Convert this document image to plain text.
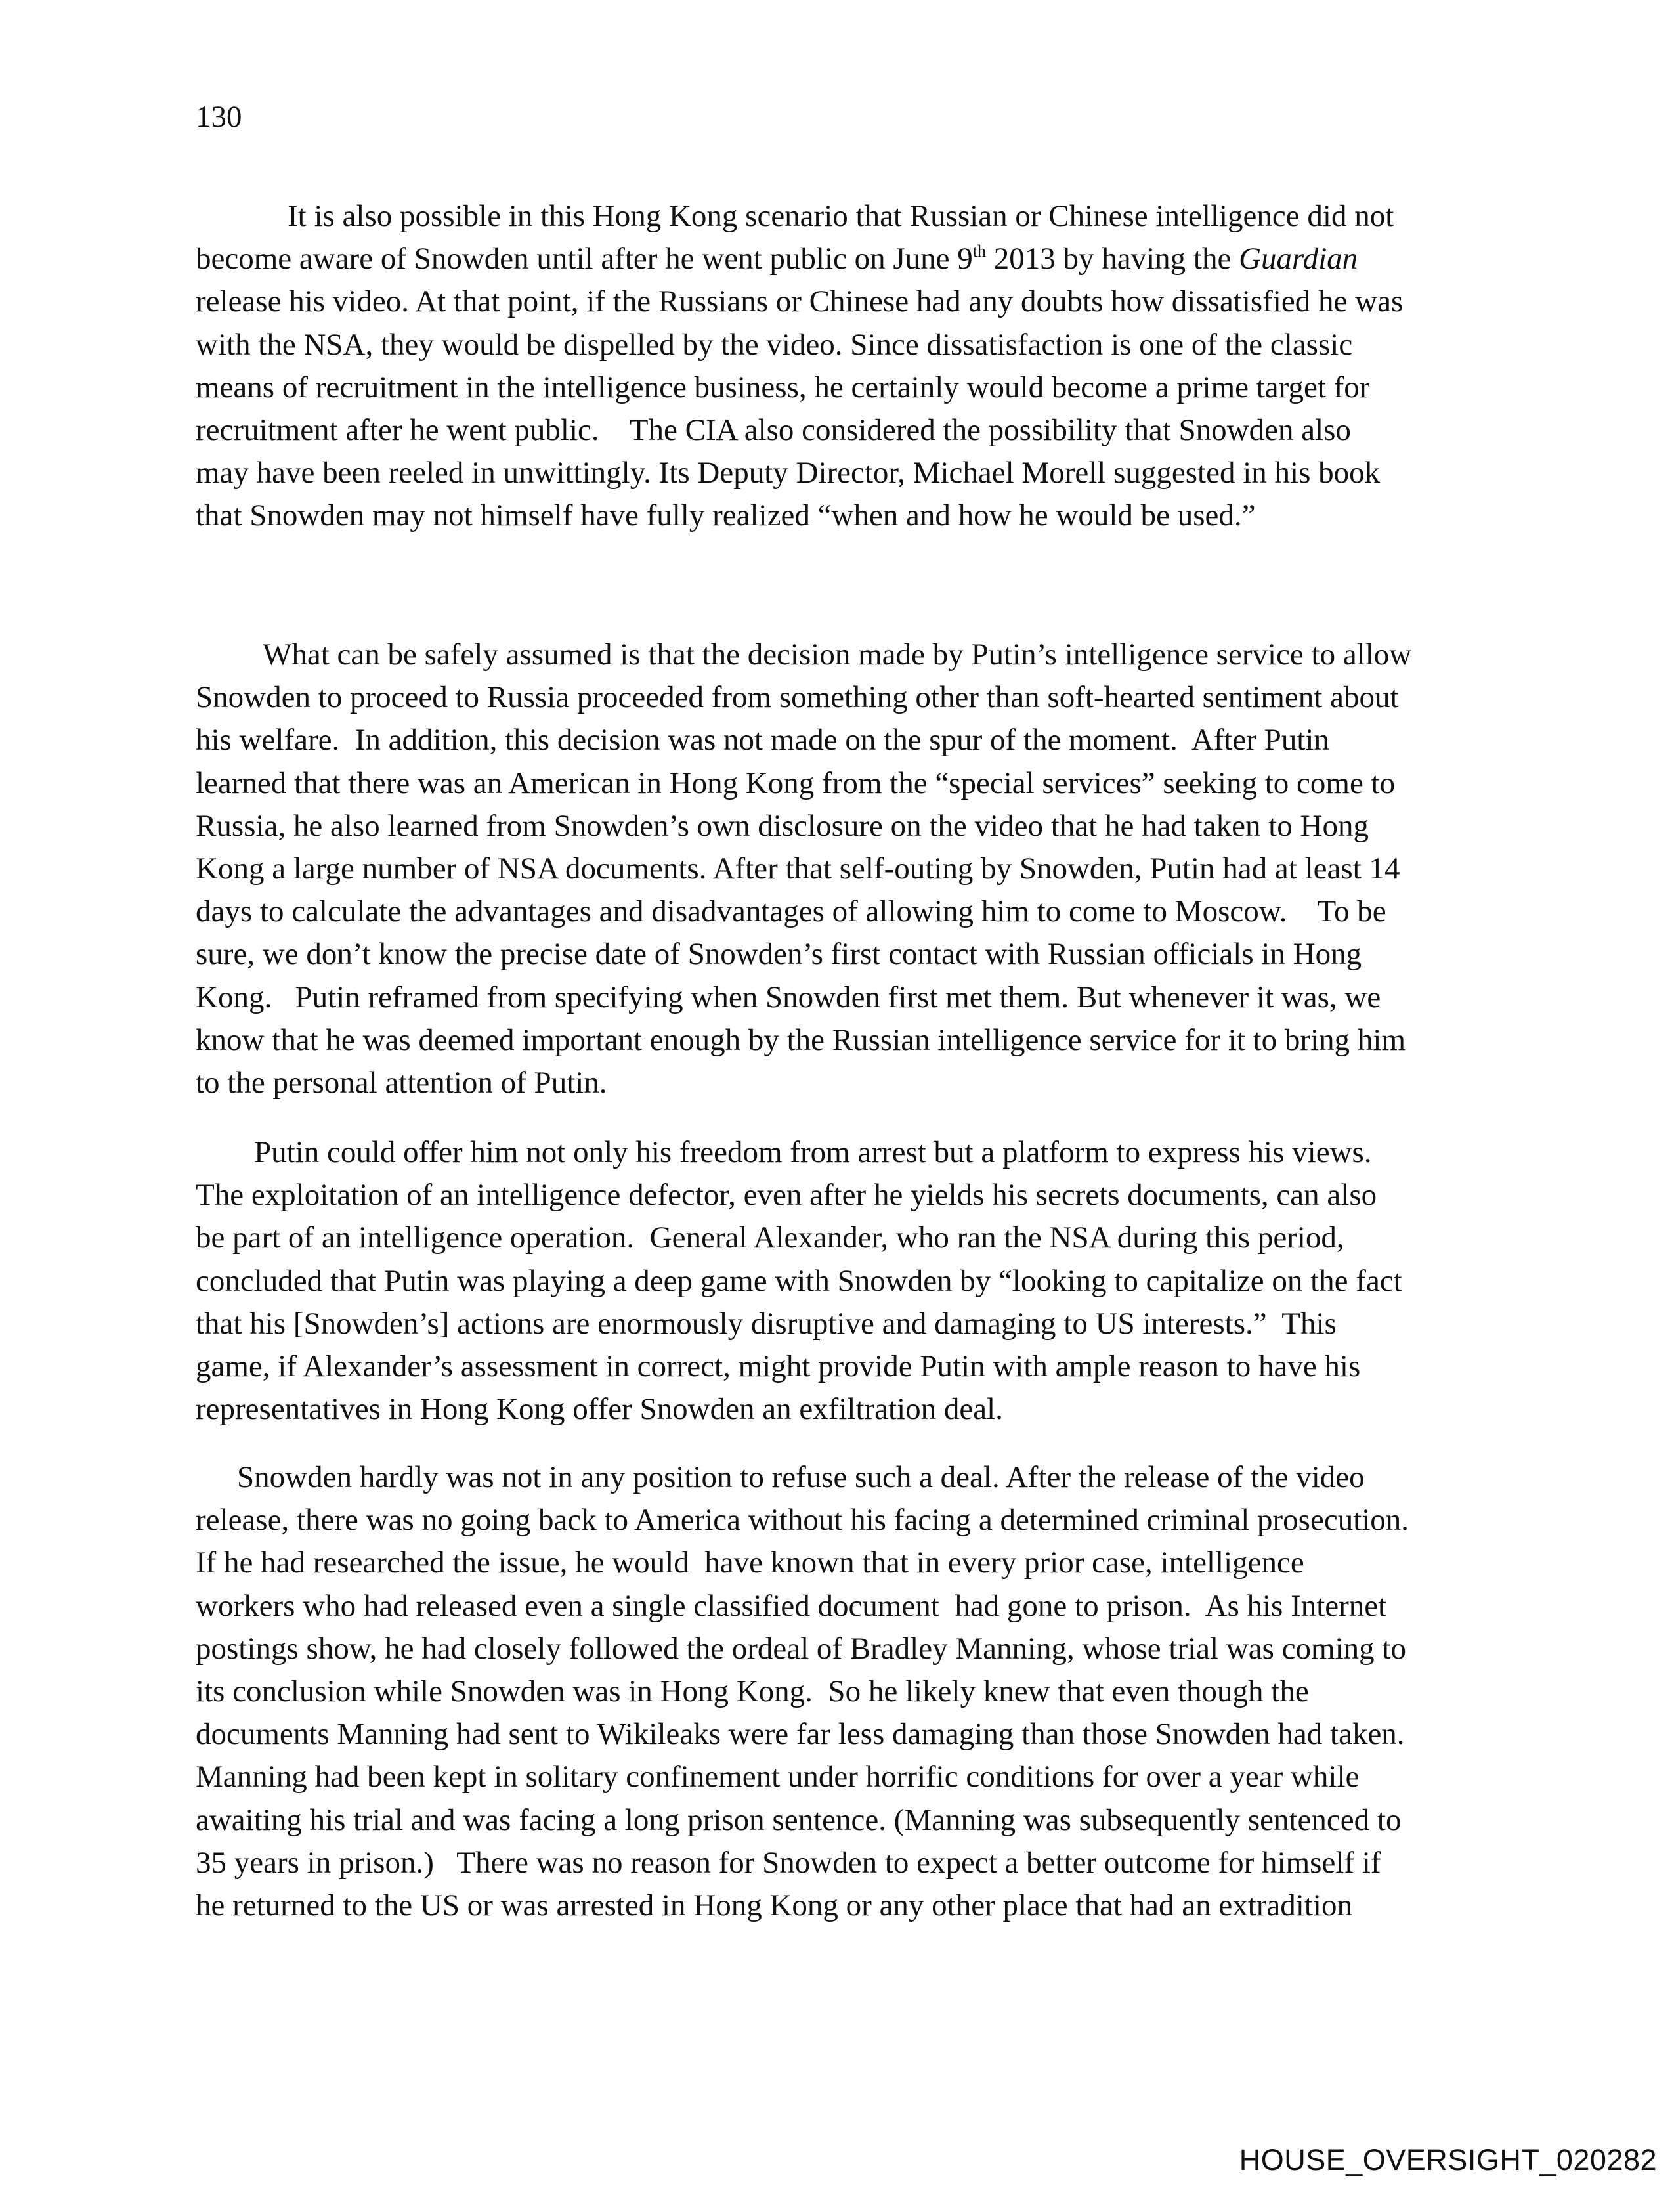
130
It is also possible in this Hong Kong scenario that Russian or Chinese intelligence did not
become aware of Snowden until after he went public on June 9th 2013 by having the Guardian
release his video. At that point, if the Russians or Chinese had any doubts how dissatisfied he was
with the NSA, they would be dispelled by the video. Since dissatisfaction is one of the classic
means of recruitment in the intelligence business, he certainly would become a prime target for
recruitment after he went public.    The CIA also considered the possibility that Snowden also
may have been reeled in unwittingly. Its Deputy Director, Michael Morell suggested in his book
that Snowden may not himself have fully realized “when and how he would be used.”
What can be safely assumed is that the decision made by Putin’s intelligence service to allow
Snowden to proceed to Russia proceeded from something other than soft-hearted sentiment about
his welfare.  In addition, this decision was not made on the spur of the moment.  After Putin
learned that there was an American in Hong Kong from the “special services” seeking to come to
Russia, he also learned from Snowden’s own disclosure on the video that he had taken to Hong
Kong a large number of NSA documents. After that self-outing by Snowden, Putin had at least 14
days to calculate the advantages and disadvantages of allowing him to come to Moscow.    To be
sure, we don’t know the precise date of Snowden’s first contact with Russian officials in Hong
Kong.   Putin reframed from specifying when Snowden first met them. But whenever it was, we
know that he was deemed important enough by the Russian intelligence service for it to bring him
to the personal attention of Putin.
Putin could offer him not only his freedom from arrest but a platform to express his views.
The exploitation of an intelligence defector, even after he yields his secrets documents, can also
be part of an intelligence operation.  General Alexander, who ran the NSA during this period,
concluded that Putin was playing a deep game with Snowden by “looking to capitalize on the fact
that his [Snowden’s] actions are enormously disruptive and damaging to US interests.”  This
game, if Alexander’s assessment in correct, might provide Putin with ample reason to have his
representatives in Hong Kong offer Snowden an exfiltration deal.
Snowden hardly was not in any position to refuse such a deal. After the release of the video
release, there was no going back to America without his facing a determined criminal prosecution.
If he had researched the issue, he would  have known that in every prior case, intelligence
workers who had released even a single classified document  had gone to prison.  As his Internet
postings show, he had closely followed the ordeal of Bradley Manning, whose trial was coming to
its conclusion while Snowden was in Hong Kong.  So he likely knew that even though the
documents Manning had sent to Wikileaks were far less damaging than those Snowden had taken.
Manning had been kept in solitary confinement under horrific conditions for over a year while
awaiting his trial and was facing a long prison sentence. (Manning was subsequently sentenced to
35 years in prison.)   There was no reason for Snowden to expect a better outcome for himself if
he returned to the US or was arrested in Hong Kong or any other place that had an extradition
HOUSE_OVERSIGHT_020282
